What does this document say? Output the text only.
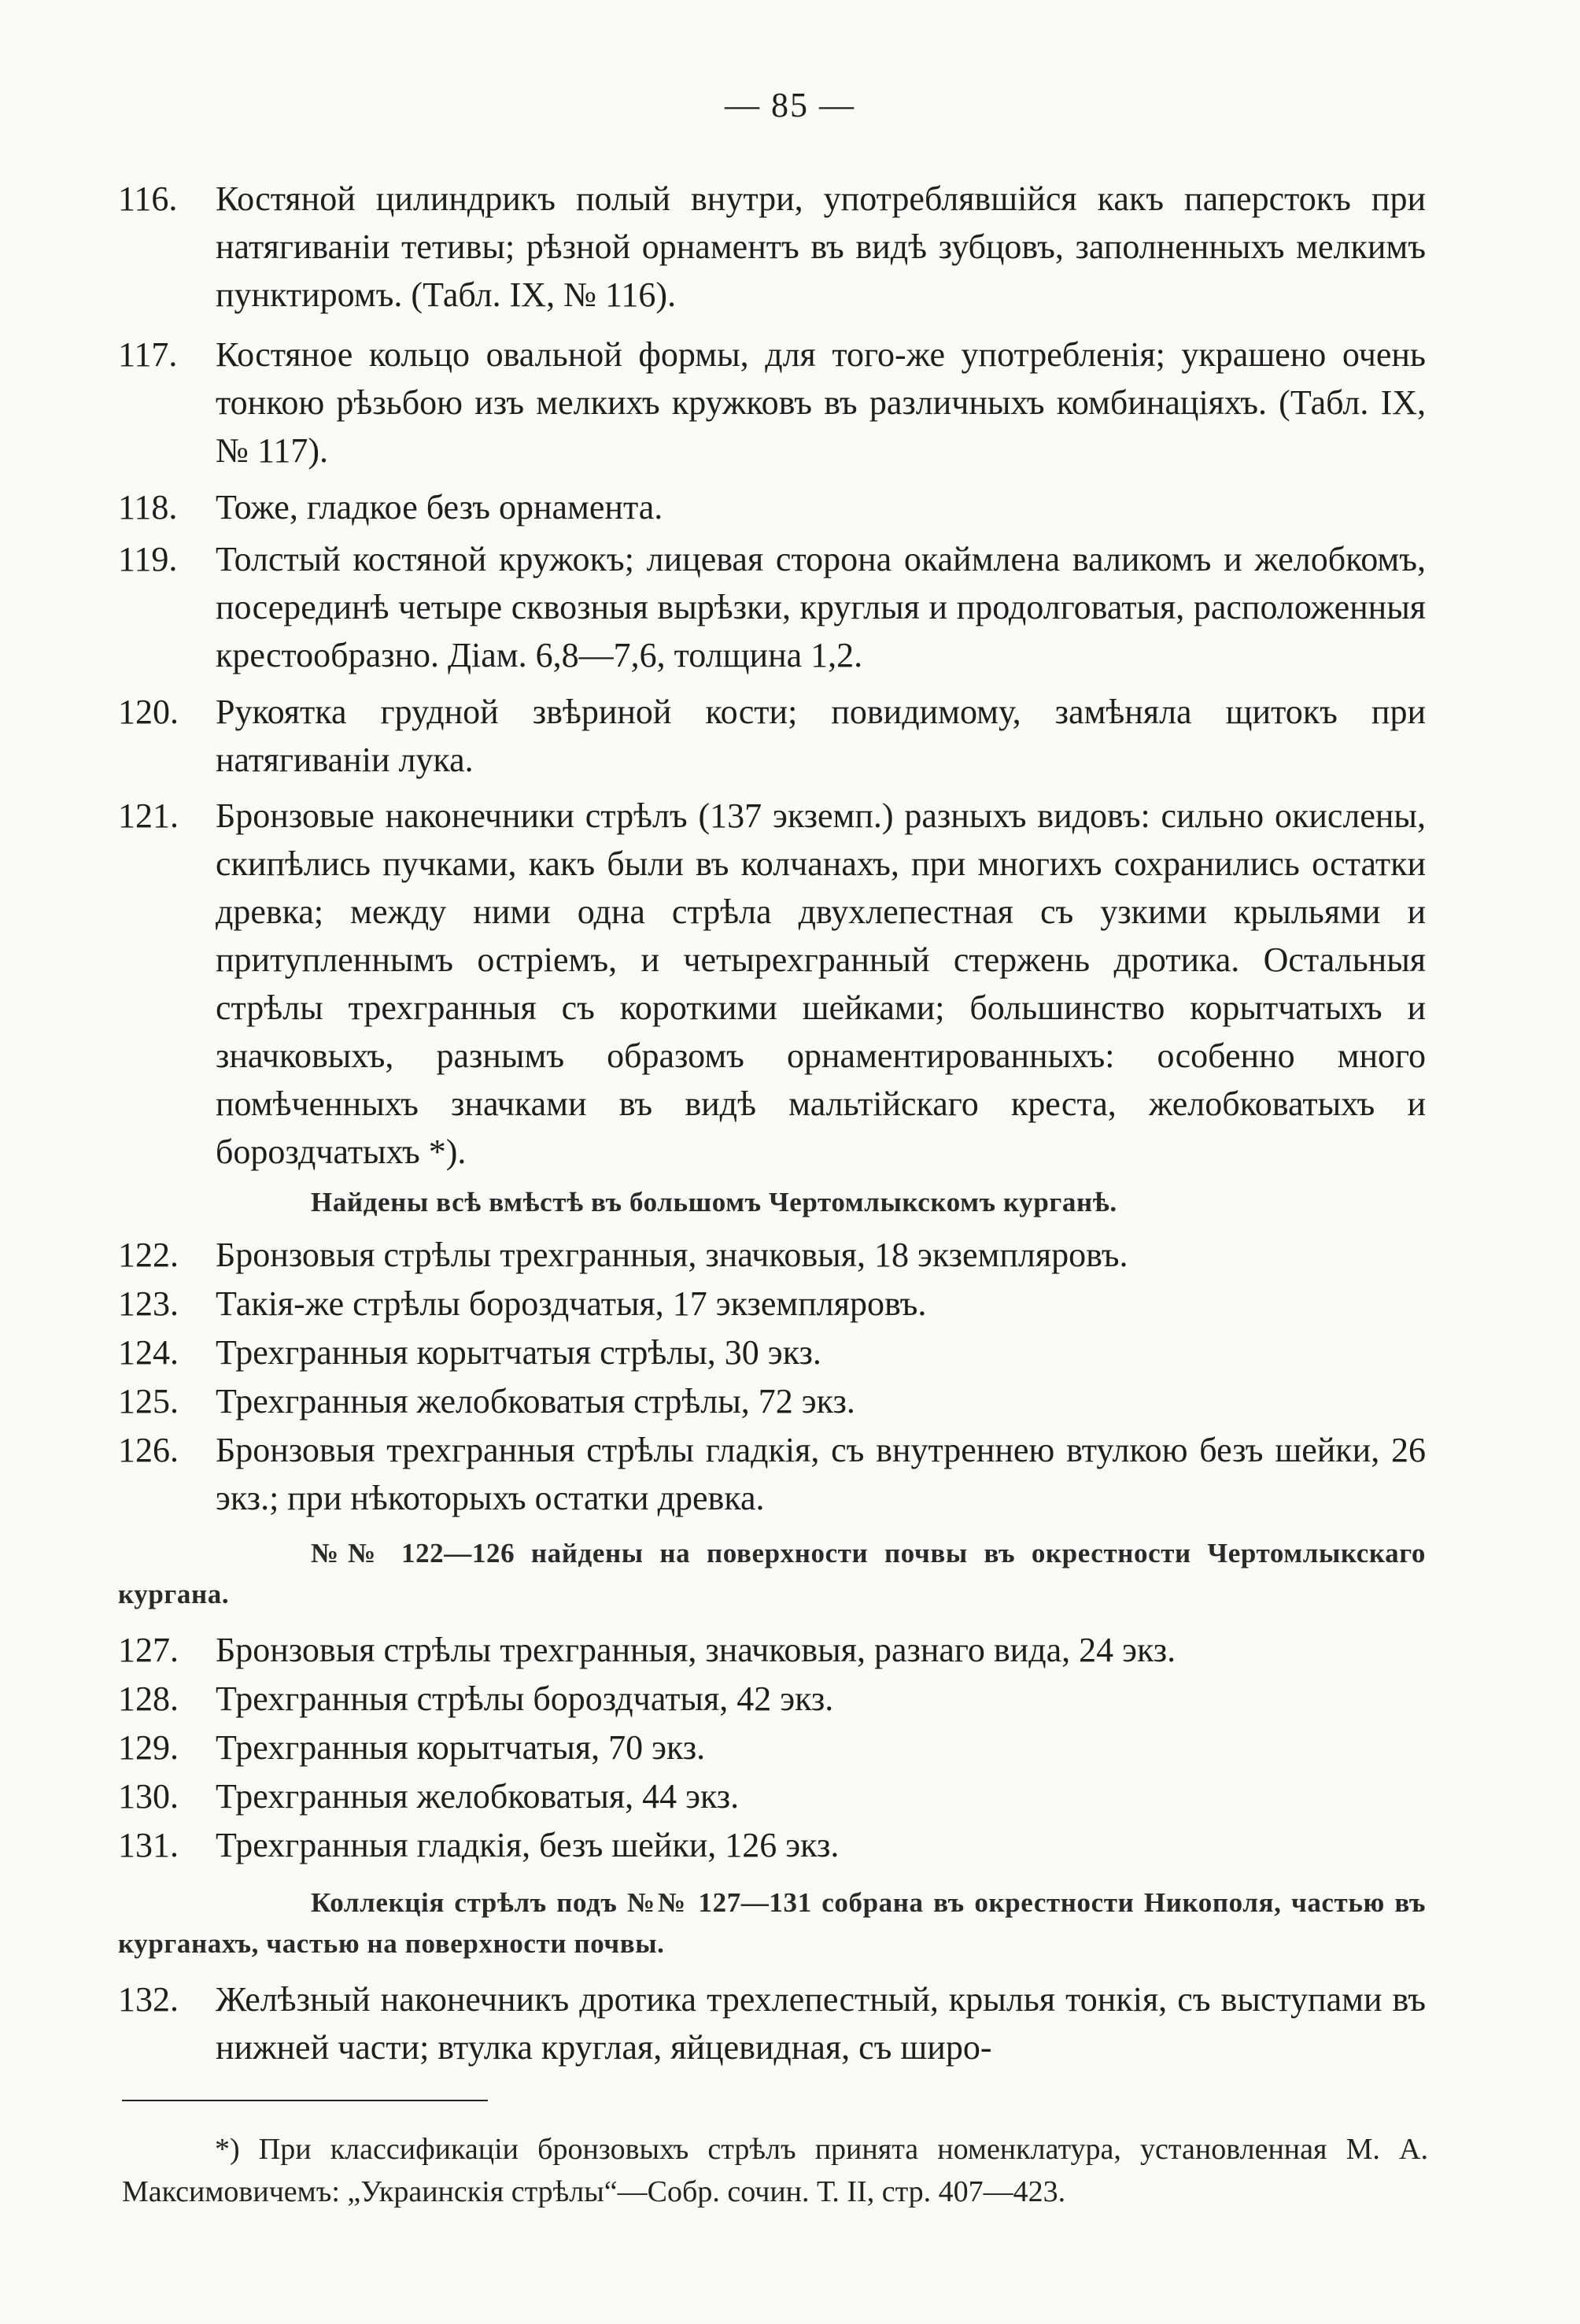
— 85 —
116.	Костяной цилиндрикъ полый внутри, употреблявшійся какъ паперстокъ при натягиваніи тетивы; рѣзной орнаментъ въ видѣ зубцовъ, заполненныхъ мелкимъ пунктиромъ. (Табл. IX, № 116).
117.	Костяное кольцо овальной формы, для того-же употребленія; украшено очень тонкою рѣзьбою изъ мелкихъ кружковъ въ различныхъ комбинаціяхъ. (Табл. IX, № 117).
118.	Тоже, гладкое безъ орнамента.
119.	Толстый костяной кружокъ; лицевая сторона окаймлена валикомъ и желобкомъ, посерединѣ четыре сквозныя вырѣзки, круглыя и продолговатыя, расположенныя крестообразно. Діам. 6,8—7,6, толщина 1,2.
120.	Рукоятка грудной звѣриной кости; повидимому, замѣняла щитокъ при натягиваніи лука.
121.	Бронзовые наконечники стрѣлъ (137 экземп.) разныхъ видовъ: сильно окислены, скипѣлись пучками, какъ были въ колчанахъ, при многихъ сохранились остатки древка; между ними одна стрѣла двухлепестная съ узкими крыльями и притупленнымъ остріемъ, и четырехгранный стержень дротика. Остальныя стрѣлы трехгранныя съ короткими шейками; большинство корытчатыхъ и значковыхъ, разнымъ образомъ орнаментированныхъ: особенно много помѣченныхъ значками въ видѣ мальтійскаго креста, желобковатыхъ и бороздчатыхъ *).
Найдены всѣ вмѣстѣ въ большомъ Чертомлыкскомъ курганѣ.
122.	Бронзовыя стрѣлы трехгранныя, значковыя, 18 экземпляровъ.
123.	Такія-же стрѣлы бороздчатыя, 17 экземпляровъ.
124.	Трехгранныя корытчатыя стрѣлы, 30 экз.
125.	Трехгранныя желобковатыя стрѣлы, 72 экз.
126.	Бронзовыя трехгранныя стрѣлы гладкія, съ внутреннею втулкою безъ шейки, 26 экз.; при нѣкоторыхъ остатки древка.
№№ 122—126 найдены на поверхности почвы въ окрестности Чертомлыкскаго кургана.
127.	Бронзовыя стрѣлы трехгранныя, значковыя, разнаго вида, 24 экз.
128.	Трехгранныя стрѣлы бороздчатыя, 42 экз.
129.	Трехгранныя корытчатыя, 70 экз.
130.	Трехгранныя желобковатыя, 44 экз.
131.	Трехгранныя гладкія, безъ шейки, 126 экз.
Коллекція стрѣлъ подъ №№ 127—131 собрана въ окрестности Никополя, частью въ курганахъ, частью на поверхности почвы.
132.	Желѣзный наконечникъ дротика трехлепестный, крылья тонкія, съ выступами въ нижней части; втулка круглая, яйцевидная, съ широ-
*) При классификаціи бронзовыхъ стрѣлъ принята номенклатура, установленная М. А. Максимовичемъ: „Украинскія стрѣлы“—Собр. сочин. Т. II, стр. 407—423.
